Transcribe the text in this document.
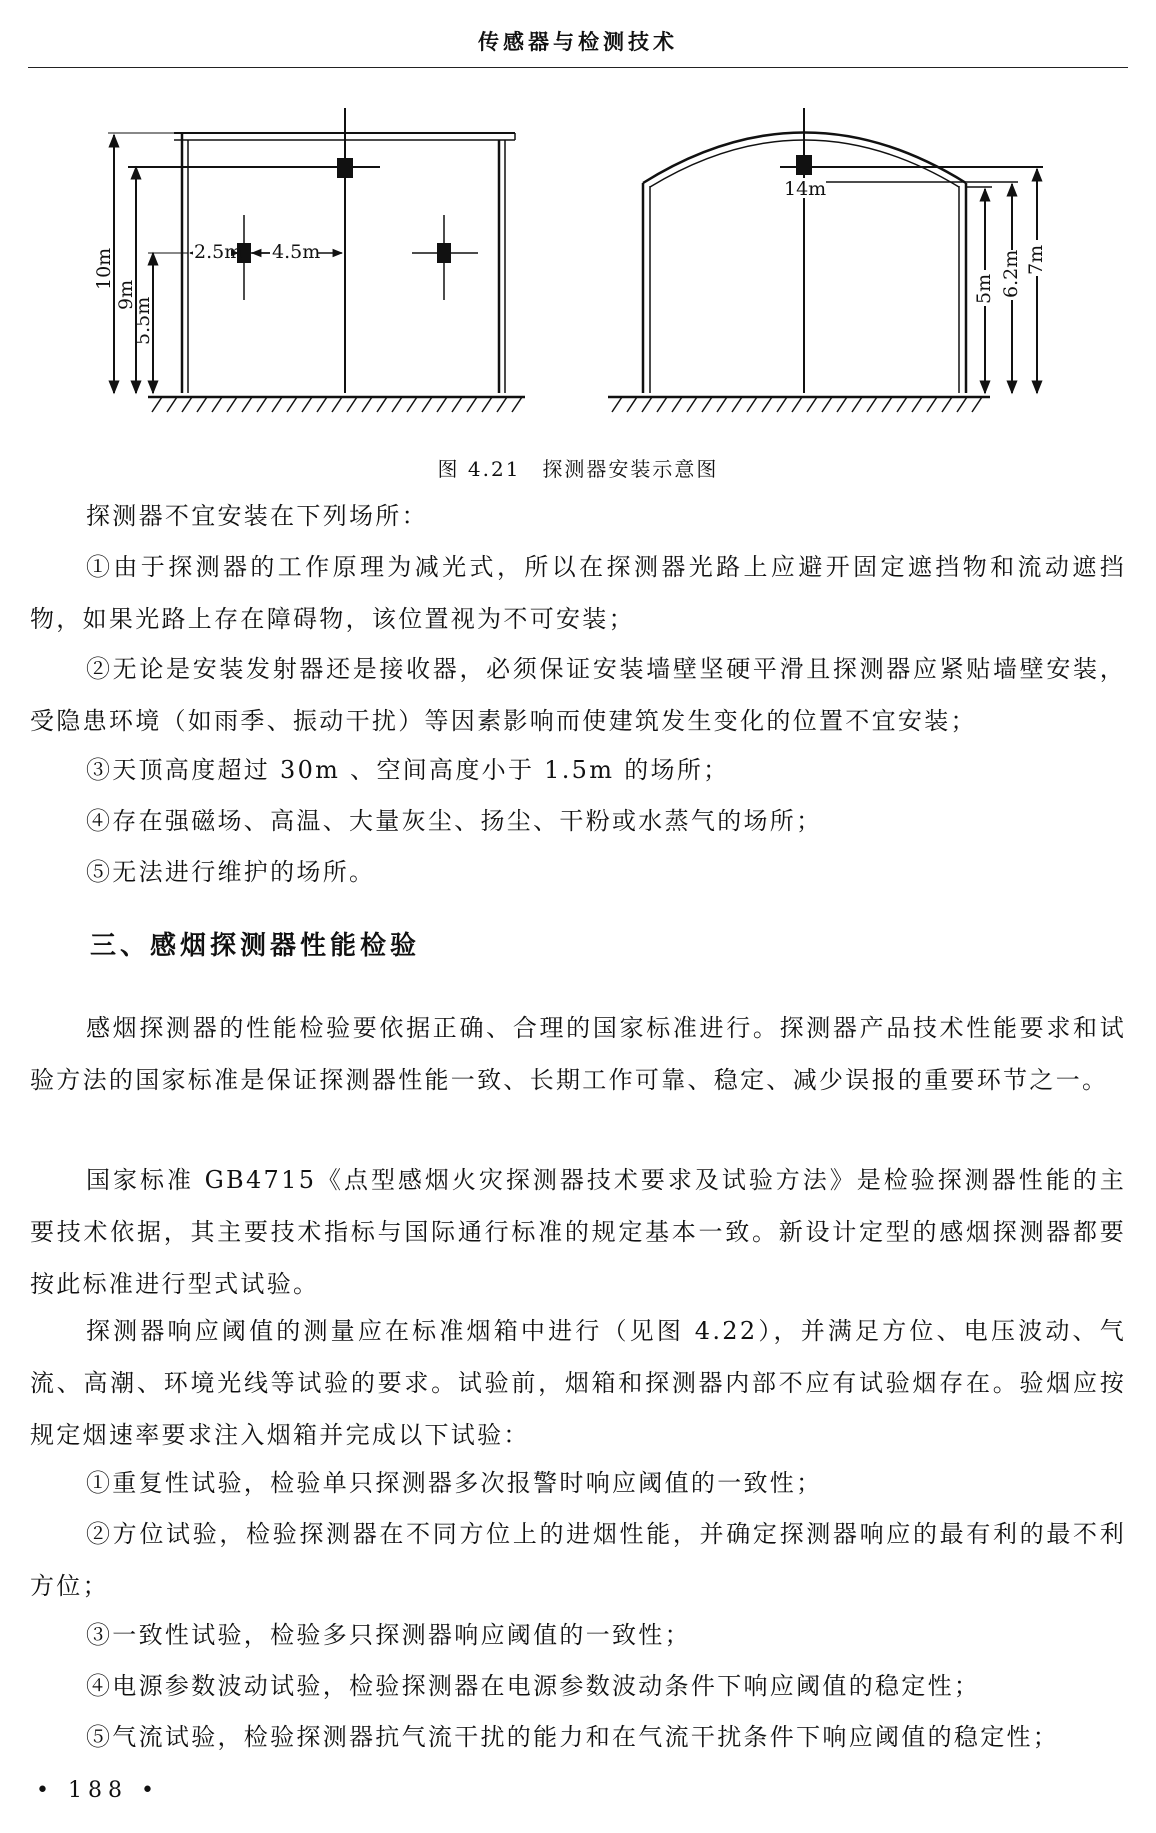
传感器与检测技术
10m
9m
5.5m
2.5m 4.5m
14m
5m 6.2m 7m
图 4.21　探测器安装示意图

探测器不宜安装在下列场所：

①由于探测器的工作原理为减光式，所以在探测器光路上应避开固定遮挡物和流动遮挡物，如果光路上存在障碍物，该位置视为不可安装；

②无论是安装发射器还是接收器，必须保证安装墙壁坚硬平滑且探测器应紧贴墙壁安装，受隐患环境（如雨季、振动干扰）等因素影响而使建筑发生变化的位置不宜安装；

③天顶高度超过 30m 、空间高度小于 1.5m 的场所；

④存在强磁场、高温、大量灰尘、扬尘、干粉或水蒸气的场所；

⑤无法进行维护的场所。

三、感烟探测器性能检验

感烟探测器的性能检验要依据正确、合理的国家标准进行。探测器产品技术性能要求和试验方法的国家标准是保证探测器性能一致、长期工作可靠、稳定、减少误报的重要环节之一。

国家标准 GB4715《点型感烟火灾探测器技术要求及试验方法》是检验探测器性能的主要技术依据，其主要技术指标与国际通行标准的规定基本一致。新设计定型的感烟探测器都要按此标准进行型式试验。

探测器响应阈值的测量应在标准烟箱中进行（见图 4.22），并满足方位、电压波动、气流、高潮、环境光线等试验的要求。试验前，烟箱和探测器内部不应有试验烟存在。验烟应按规定烟速率要求注入烟箱并完成以下试验：

①重复性试验，检验单只探测器多次报警时响应阈值的一致性；

②方位试验，检验探测器在不同方位上的进烟性能，并确定探测器响应的最有利的最不利方位；

③一致性试验，检验多只探测器响应阈值的一致性；

④电源参数波动试验，检验探测器在电源参数波动条件下响应阈值的稳定性；

⑤气流试验，检验探测器抗气流干扰的能力和在气流干扰条件下响应阈值的稳定性；

• 188 •
